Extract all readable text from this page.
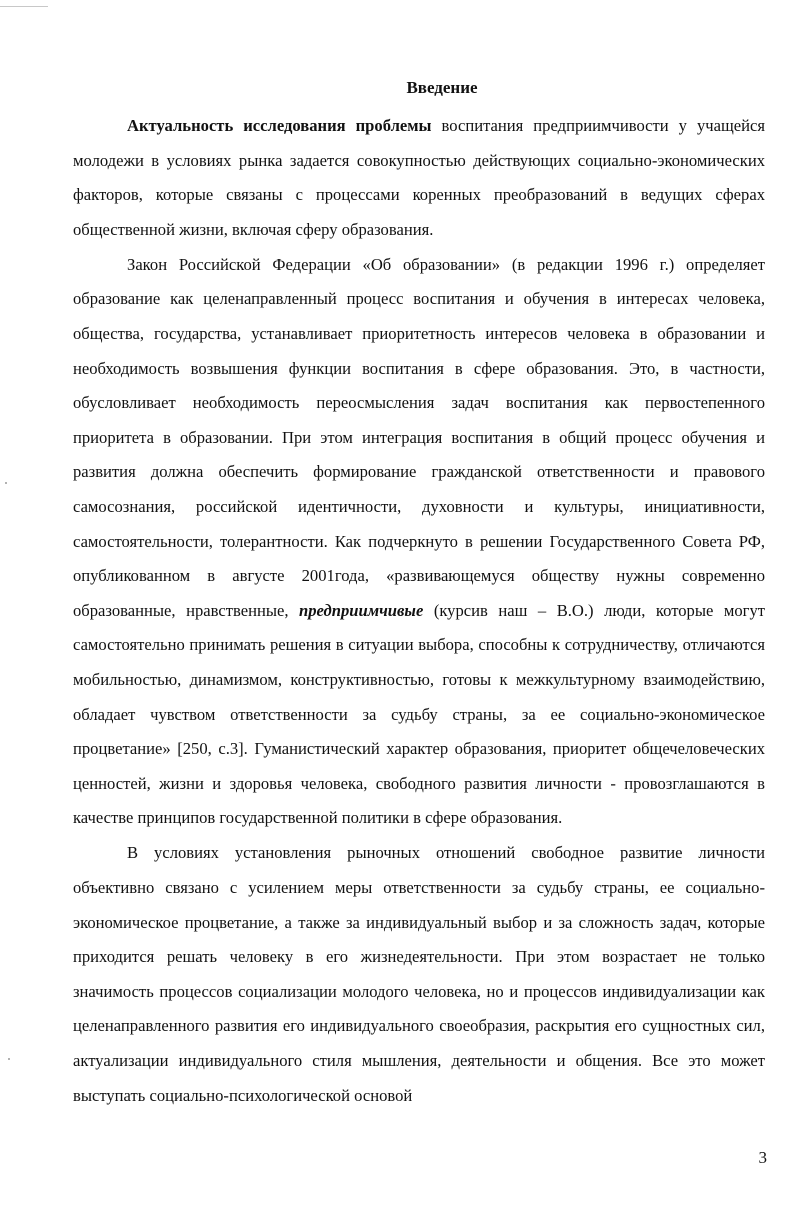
Введение

Актуальность исследования проблемы воспитания предприимчивости у учащейся молодежи в условиях рынка задается совокупностью действующих социально-экономических факторов, которые связаны с процессами коренных преобразований в ведущих сферах общественной жизни, включая сферу образования.

Закон Российской Федерации «Об образовании» (в редакции 1996 г.) определяет образование как целенаправленный процесс воспитания и обучения в интересах человека, общества, государства, устанавливает приоритетность интересов человека в образовании и необходимость возвышения функции воспитания в сфере образования. Это, в частности, обусловливает необходимость переосмысления задач воспитания как первостепенного приоритета в образовании. При этом интеграция воспитания в общий процесс обучения и развития должна обеспечить формирование гражданской ответственности и правового самосознания, российской идентичности, духовности и культуры, инициативности, самостоятельности, толерантности. Как подчеркнуто в решении Государственного Совета РФ, опубликованном в августе 2001года, «развивающемуся обществу нужны современно образованные, нравственные, предприимчивые (курсив наш – В.О.) люди, которые могут самостоятельно принимать решения в ситуации выбора, способны к сотрудничеству, отличаются мобильностью, динамизмом, конструктивностью, готовы к межкультурному взаимодействию, обладает чувством ответственности за судьбу страны, за ее социально-экономическое процветание» [250, с.3]. Гуманистический характер образования, приоритет общечеловеческих ценностей, жизни и здоровья человека, свободного развития личности - провозглашаются в качестве принципов государственной политики в сфере образования.

В условиях установления рыночных отношений свободное развитие личности объективно связано с усилением меры ответственности за судьбу страны, ее социально-экономическое процветание, а также за индивидуальный выбор и за сложность задач, которые приходится решать человеку в его жизнедеятельности. При этом возрастает не только значимость процессов социализации молодого человека, но и процессов индивидуализации как целенаправленного развития его индивидуального своеобразия, раскрытия его сущностных сил, актуализации индивидуального стиля мышления, деятельности и общения. Все это может выступать социально-психологической основой

3
